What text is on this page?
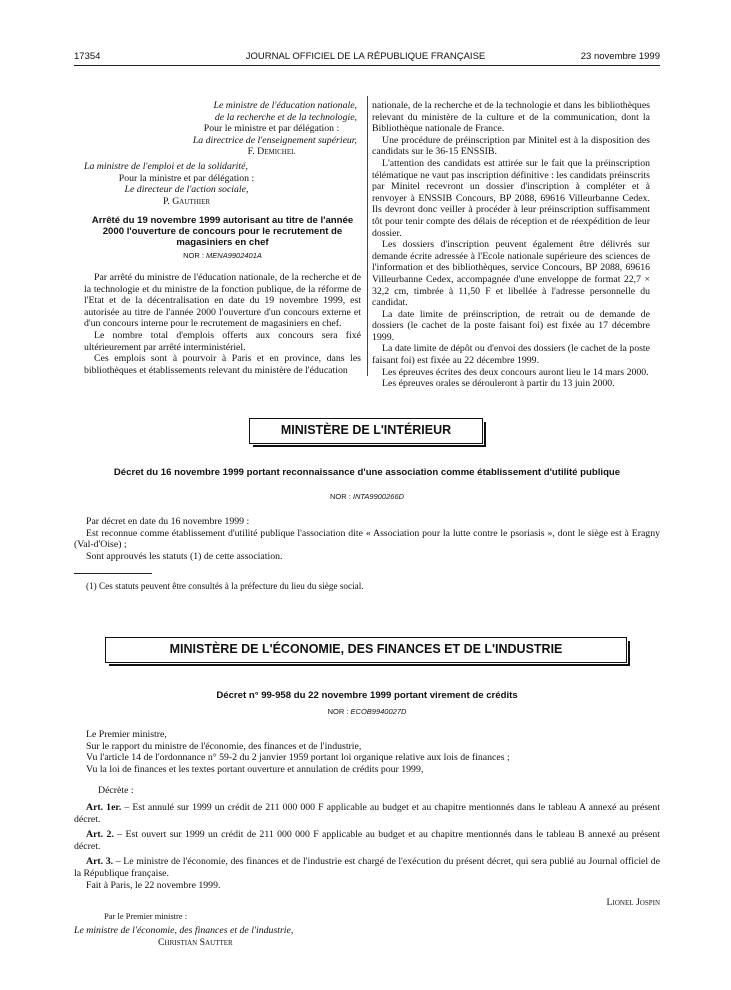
17354	JOURNAL OFFICIEL DE LA RÉPUBLIQUE FRANÇAISE	23 novembre 1999
Le ministre de l'éducation nationale,
de la recherche et de la technologie,
Pour le ministre et par délégation :
La directrice de l'enseignement supérieur,
F. Demichel
La ministre de l'emploi et de la solidarité,
Pour la ministre et par délégation :
Le directeur de l'action sociale,
P. Gauthier
Arrêté du 19 novembre 1999 autorisant au titre de l'année 2000 l'ouverture de concours pour le recrutement de magasiniers en chef
NOR : MENA9902401A

Par arrêté du ministre de l'éducation nationale, de la recherche et de la technologie et du ministre de la fonction publique, de la réforme de l'Etat et de la décentralisation en date du 19 novembre 1999, est autorisée au titre de l'année 2000 l'ouverture d'un concours externe et d'un concours interne pour le recrutement de magasiniers en chef.

Le nombre total d'emplois offerts aux concours sera fixé ultérieurement par arrêté interministériel.

Ces emplois sont à pourvoir à Paris et en province, dans les bibliothèques et établissements relevant du ministère de l'éducation

nationale, de la recherche et de la technologie et dans les bibliothèques relevant du ministère de la culture et de la communication, dont la Bibliothèque nationale de France.

Une procédure de préinscription par Minitel est à la disposition des candidats sur le 36-15 ENSSIB.

L'attention des candidats est attirée sur le fait que la préinscription télématique ne vaut pas inscription définitive : les candidats préinscrits par Minitel recevront un dossier d'inscription à compléter et à renvoyer à ENSSIB Concours, BP 2088, 69616 Villeurbanne Cedex. Ils devront donc veiller à procéder à leur préinscription suffisamment tôt pour tenir compte des délais de réception et de réexpédition de leur dossier.

Les dossiers d'inscription peuvent également être délivrés sur demande écrite adressée à l'Ecole nationale supérieure des sciences de l'information et des bibliothèques, service Concours, BP 2088, 69616 Villeurbanne Cedex, accompagnée d'une enveloppe de format 22,7 × 32,2 cm, timbrée à 11,50 F et libellée à l'adresse personnelle du candidat.

La date limite de préinscription, de retrait ou de demande de dossiers (le cachet de la poste faisant foi) est fixée au 17 décembre 1999.

La date limite de dépôt ou d'envoi des dossiers (le cachet de la poste faisant foi) est fixée au 22 décembre 1999.

Les épreuves écrites des deux concours auront lieu le 14 mars 2000.

Les épreuves orales se dérouleront à partir du 13 juin 2000.

MINISTÈRE DE L'INTÉRIEUR
Décret du 16 novembre 1999 portant reconnaissance d'une association comme établissement d'utilité publique
NOR : INTA9900266D

Par décret en date du 16 novembre 1999 :

Est reconnue comme établissement d'utilité publique l'association dite « Association pour la lutte contre le psoriasis », dont le siège est à Eragny (Val-d'Oise) ;

Sont approuvés les statuts (1) de cette association.

(1) Ces statuts peuvent être consultés à la préfecture du lieu du siège social.
MINISTÈRE DE L'ÉCONOMIE, DES FINANCES ET DE L'INDUSTRIE
Décret n° 99-958 du 22 novembre 1999 portant virement de crédits
NOR : ECOB9940027D

Le Premier ministre,

Sur le rapport du ministre de l'économie, des finances et de l'industrie,

Vu l'article 14 de l'ordonnance n° 59-2 du 2 janvier 1959 portant loi organique relative aux lois de finances ;

Vu la loi de finances et les textes portant ouverture et annulation de crédits pour 1999,

Décrète :

Art. 1er. – Est annulé sur 1999 un crédit de 211 000 000 F applicable au budget et au chapitre mentionnés dans le tableau A annexé au présent décret.

Art. 2. – Est ouvert sur 1999 un crédit de 211 000 000 F applicable au budget et au chapitre mentionnés dans le tableau B annexé au présent décret.

Art. 3. – Le ministre de l'économie, des finances et de l'industrie est chargé de l'exécution du présent décret, qui sera publié au Journal officiel de la République française.

Fait à Paris, le 22 novembre 1999.
Lionel Jospin
Par le Premier ministre :
Le ministre de l'économie, des finances et de l'industrie,
Christian Sautter
